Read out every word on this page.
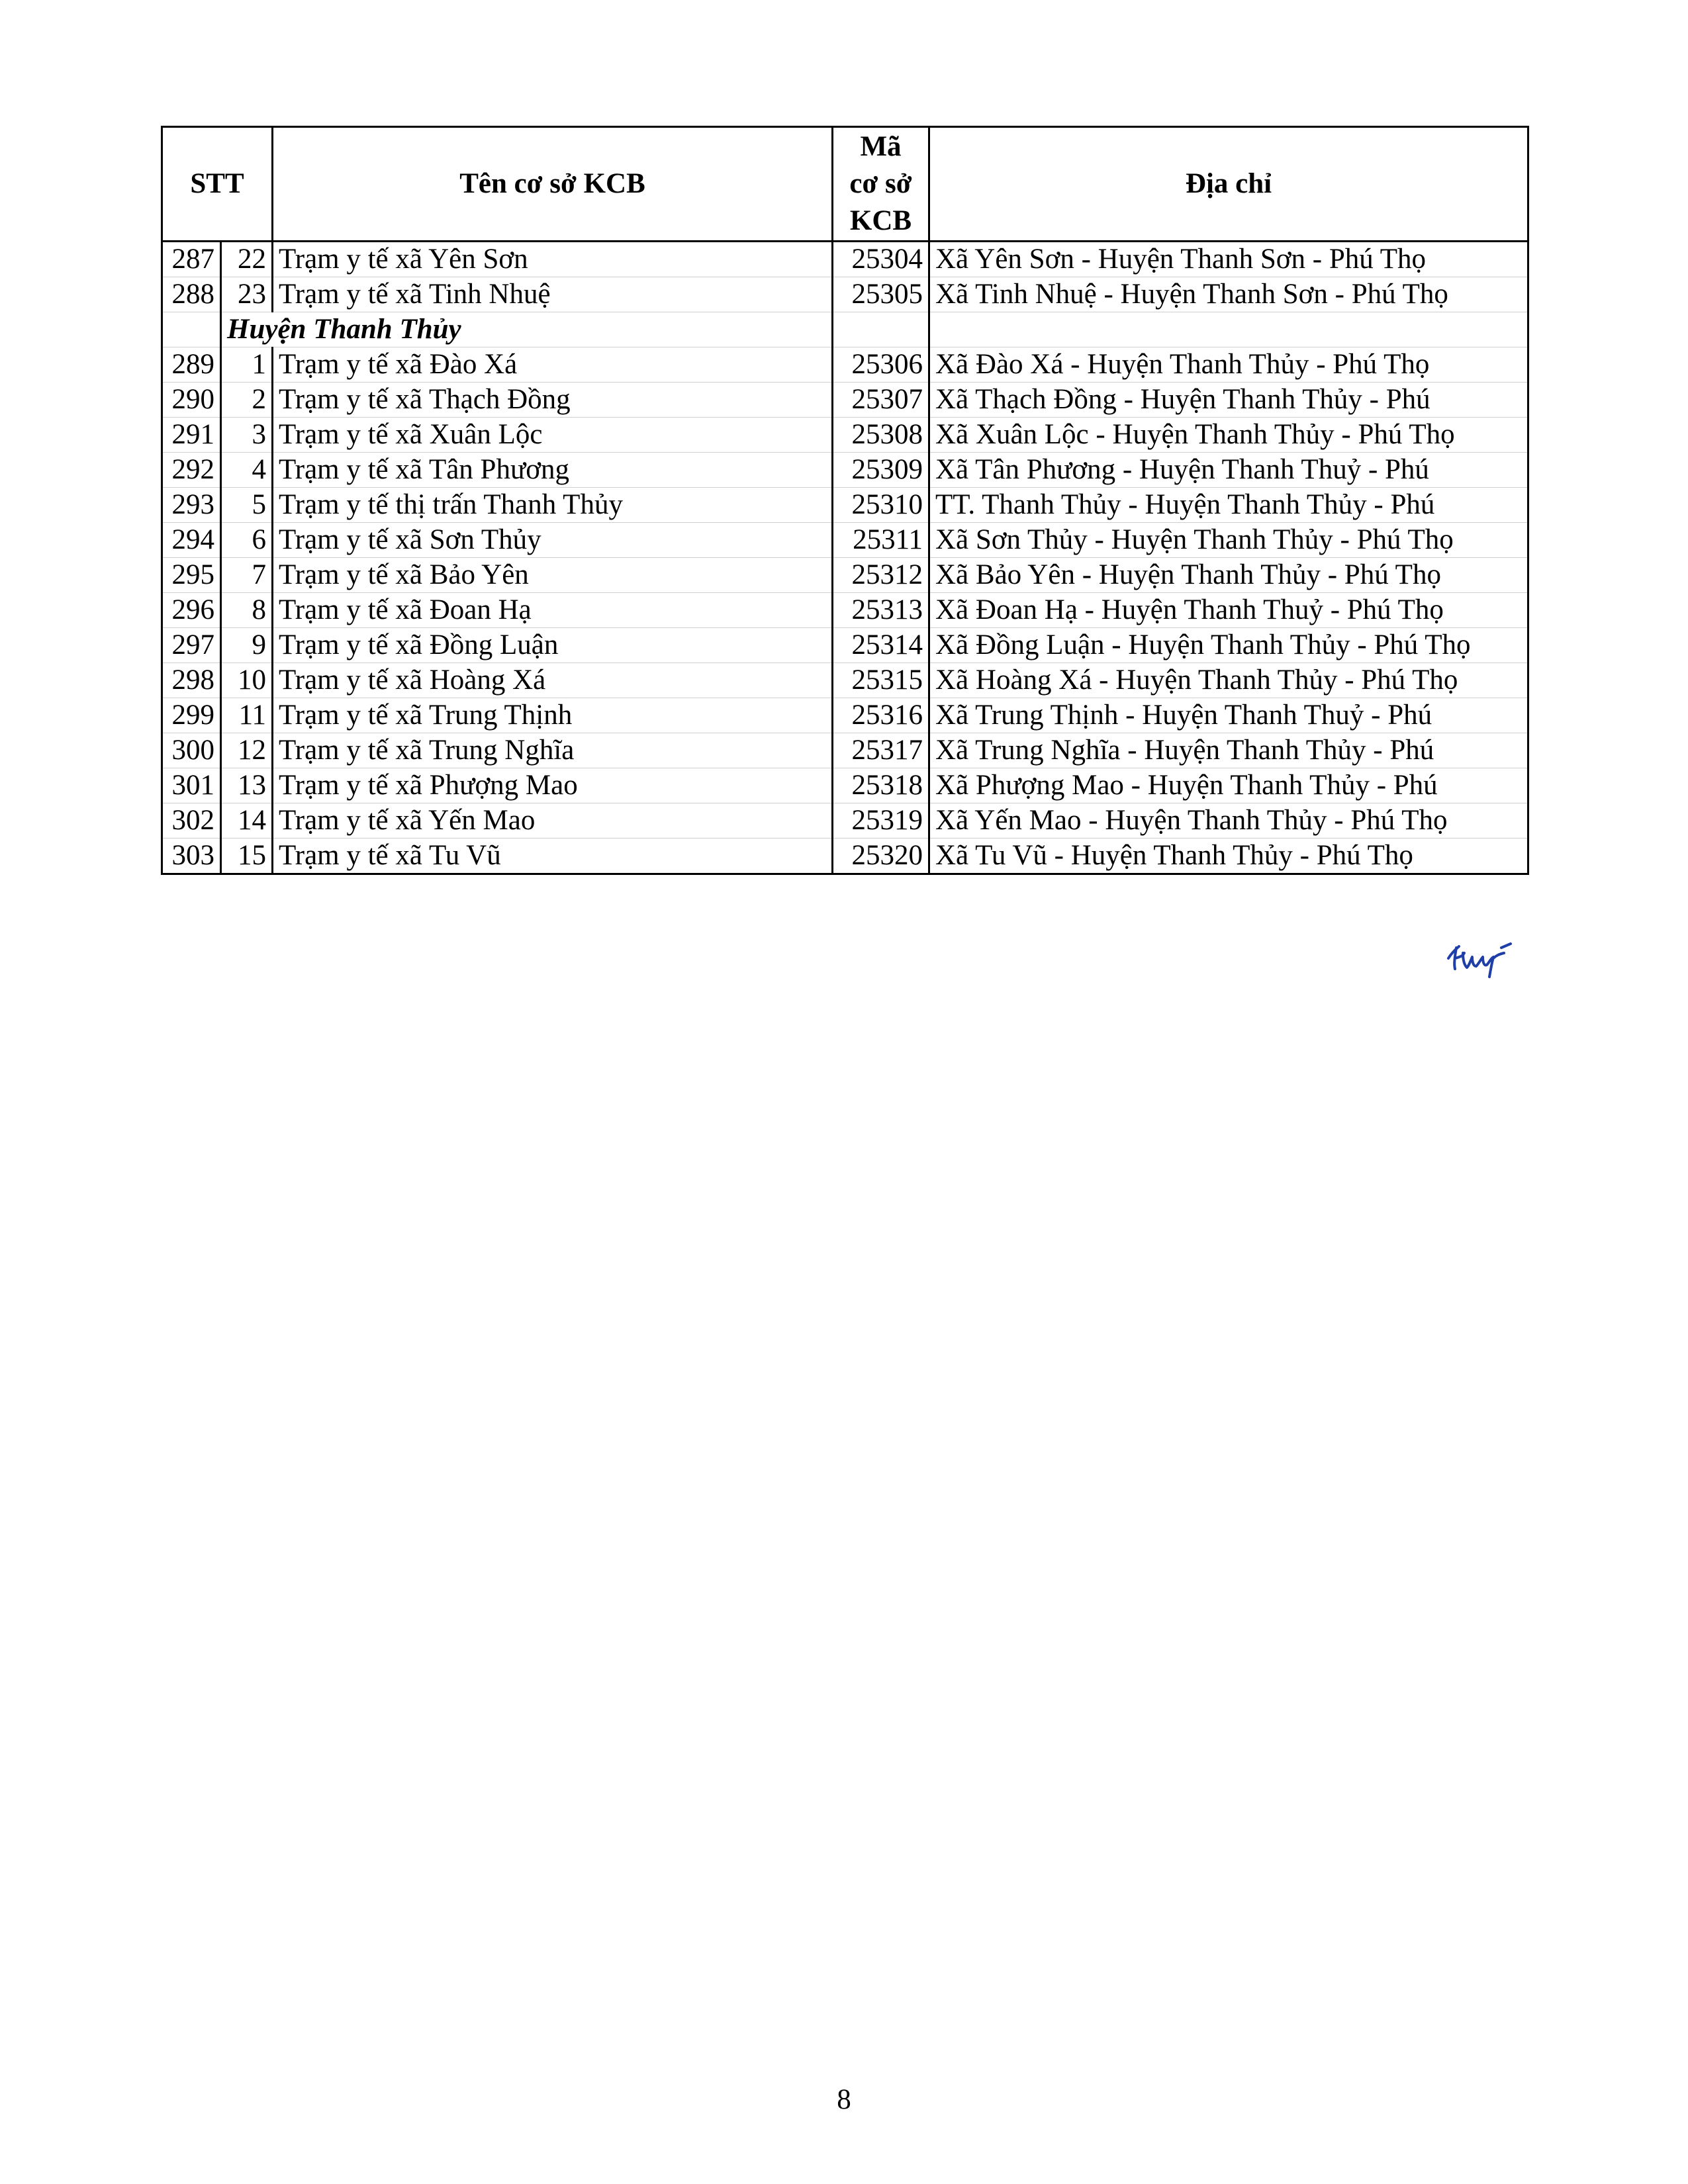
STT		Tên cơ sở KCB	Mã
cơ sở
KCB	Địa chỉ
287	22	Trạm y tế xã Yên Sơn	25304	Xã Yên Sơn - Huyện Thanh Sơn - Phú Thọ
288	23	Trạm y tế xã Tinh Nhuệ	25305	Xã Tinh Nhuệ - Huyện Thanh Sơn - Phú Thọ
	Huyện Thanh Thủy			
289	1	Trạm y tế xã Đào Xá	25306	Xã Đào Xá - Huyện Thanh Thủy - Phú Thọ
290	2	Trạm y tế xã Thạch Đồng	25307	Xã Thạch Đồng - Huyện Thanh Thủy - Phú
291	3	Trạm y tế xã Xuân Lộc	25308	Xã Xuân Lộc - Huyện Thanh Thủy - Phú Thọ
292	4	Trạm y tế xã Tân Phương	25309	Xã Tân Phương - Huyện Thanh Thuỷ - Phú
293	5	Trạm y tế thị trấn Thanh Thủy	25310	TT. Thanh Thủy - Huyện Thanh Thủy - Phú
294	6	Trạm y tế xã Sơn Thủy	25311	Xã Sơn Thủy - Huyện Thanh Thủy - Phú Thọ
295	7	Trạm y tế xã Bảo Yên	25312	Xã Bảo Yên - Huyện Thanh Thủy - Phú Thọ
296	8	Trạm y tế xã Đoan Hạ	25313	Xã Đoan Hạ - Huyện Thanh Thuỷ - Phú Thọ
297	9	Trạm y tế xã Đồng Luận	25314	Xã Đồng Luận - Huyện Thanh Thủy - Phú Thọ
298	10	Trạm y tế xã Hoàng Xá	25315	Xã Hoàng Xá - Huyện Thanh Thủy - Phú Thọ
299	11	Trạm y tế xã Trung Thịnh	25316	Xã Trung Thịnh - Huyện Thanh Thuỷ - Phú
300	12	Trạm y tế xã Trung Nghĩa	25317	Xã Trung Nghĩa - Huyện Thanh Thủy - Phú
301	13	Trạm y tế xã Phượng Mao	25318	Xã Phượng Mao - Huyện Thanh Thủy - Phú
302	14	Trạm y tế xã Yến Mao	25319	Xã Yến Mao - Huyện Thanh Thủy - Phú Thọ
303	15	Trạm y tế xã Tu Vũ	25320	Xã Tu Vũ - Huyện Thanh Thủy - Phú Thọ
8
